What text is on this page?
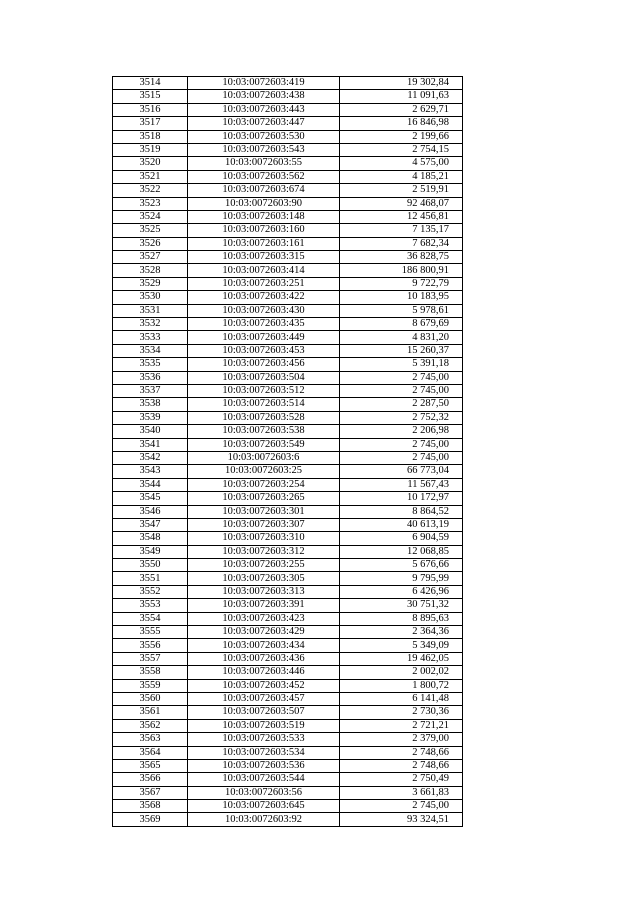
3514	10:03:0072603:419	19 302,84
3515	10:03:0072603:438	11 091,63
3516	10:03:0072603:443	2 629,71
3517	10:03:0072603:447	16 846,98
3518	10:03:0072603:530	2 199,66
3519	10:03:0072603:543	2 754,15
3520	10:03:0072603:55	4 575,00
3521	10:03:0072603:562	4 185,21
3522	10:03:0072603:674	2 519,91
3523	10:03:0072603:90	92 468,07
3524	10:03:0072603:148	12 456,81
3525	10:03:0072603:160	7 135,17
3526	10:03:0072603:161	7 682,34
3527	10:03:0072603:315	36 828,75
3528	10:03:0072603:414	186 800,91
3529	10:03:0072603:251	9 722,79
3530	10:03:0072603:422	10 183,95
3531	10:03:0072603:430	5 978,61
3532	10:03:0072603:435	8 679,69
3533	10:03:0072603:449	4 831,20
3534	10:03:0072603:453	15 260,37
3535	10:03:0072603:456	5 391,18
3536	10:03:0072603:504	2 745,00
3537	10:03:0072603:512	2 745,00
3538	10:03:0072603:514	2 287,50
3539	10:03:0072603:528	2 752,32
3540	10:03:0072603:538	2 206,98
3541	10:03:0072603:549	2 745,00
3542	10:03:0072603:6	2 745,00
3543	10:03:0072603:25	66 773,04
3544	10:03:0072603:254	11 567,43
3545	10:03:0072603:265	10 172,97
3546	10:03:0072603:301	8 864,52
3547	10:03:0072603:307	40 613,19
3548	10:03:0072603:310	6 904,59
3549	10:03:0072603:312	12 068,85
3550	10:03:0072603:255	5 676,66
3551	10:03:0072603:305	9 795,99
3552	10:03:0072603:313	6 426,96
3553	10:03:0072603:391	30 751,32
3554	10:03:0072603:423	8 895,63
3555	10:03:0072603:429	2 364,36
3556	10:03:0072603:434	5 349,09
3557	10:03:0072603:436	19 462,05
3558	10:03:0072603:446	2 002,02
3559	10:03:0072603:452	1 800,72
3560	10:03:0072603:457	6 141,48
3561	10:03:0072603:507	2 730,36
3562	10:03:0072603:519	2 721,21
3563	10:03:0072603:533	2 379,00
3564	10:03:0072603:534	2 748,66
3565	10:03:0072603:536	2 748,66
3566	10:03:0072603:544	2 750,49
3567	10:03:0072603:56	3 661,83
3568	10:03:0072603:645	2 745,00
3569	10:03:0072603:92	93 324,51
